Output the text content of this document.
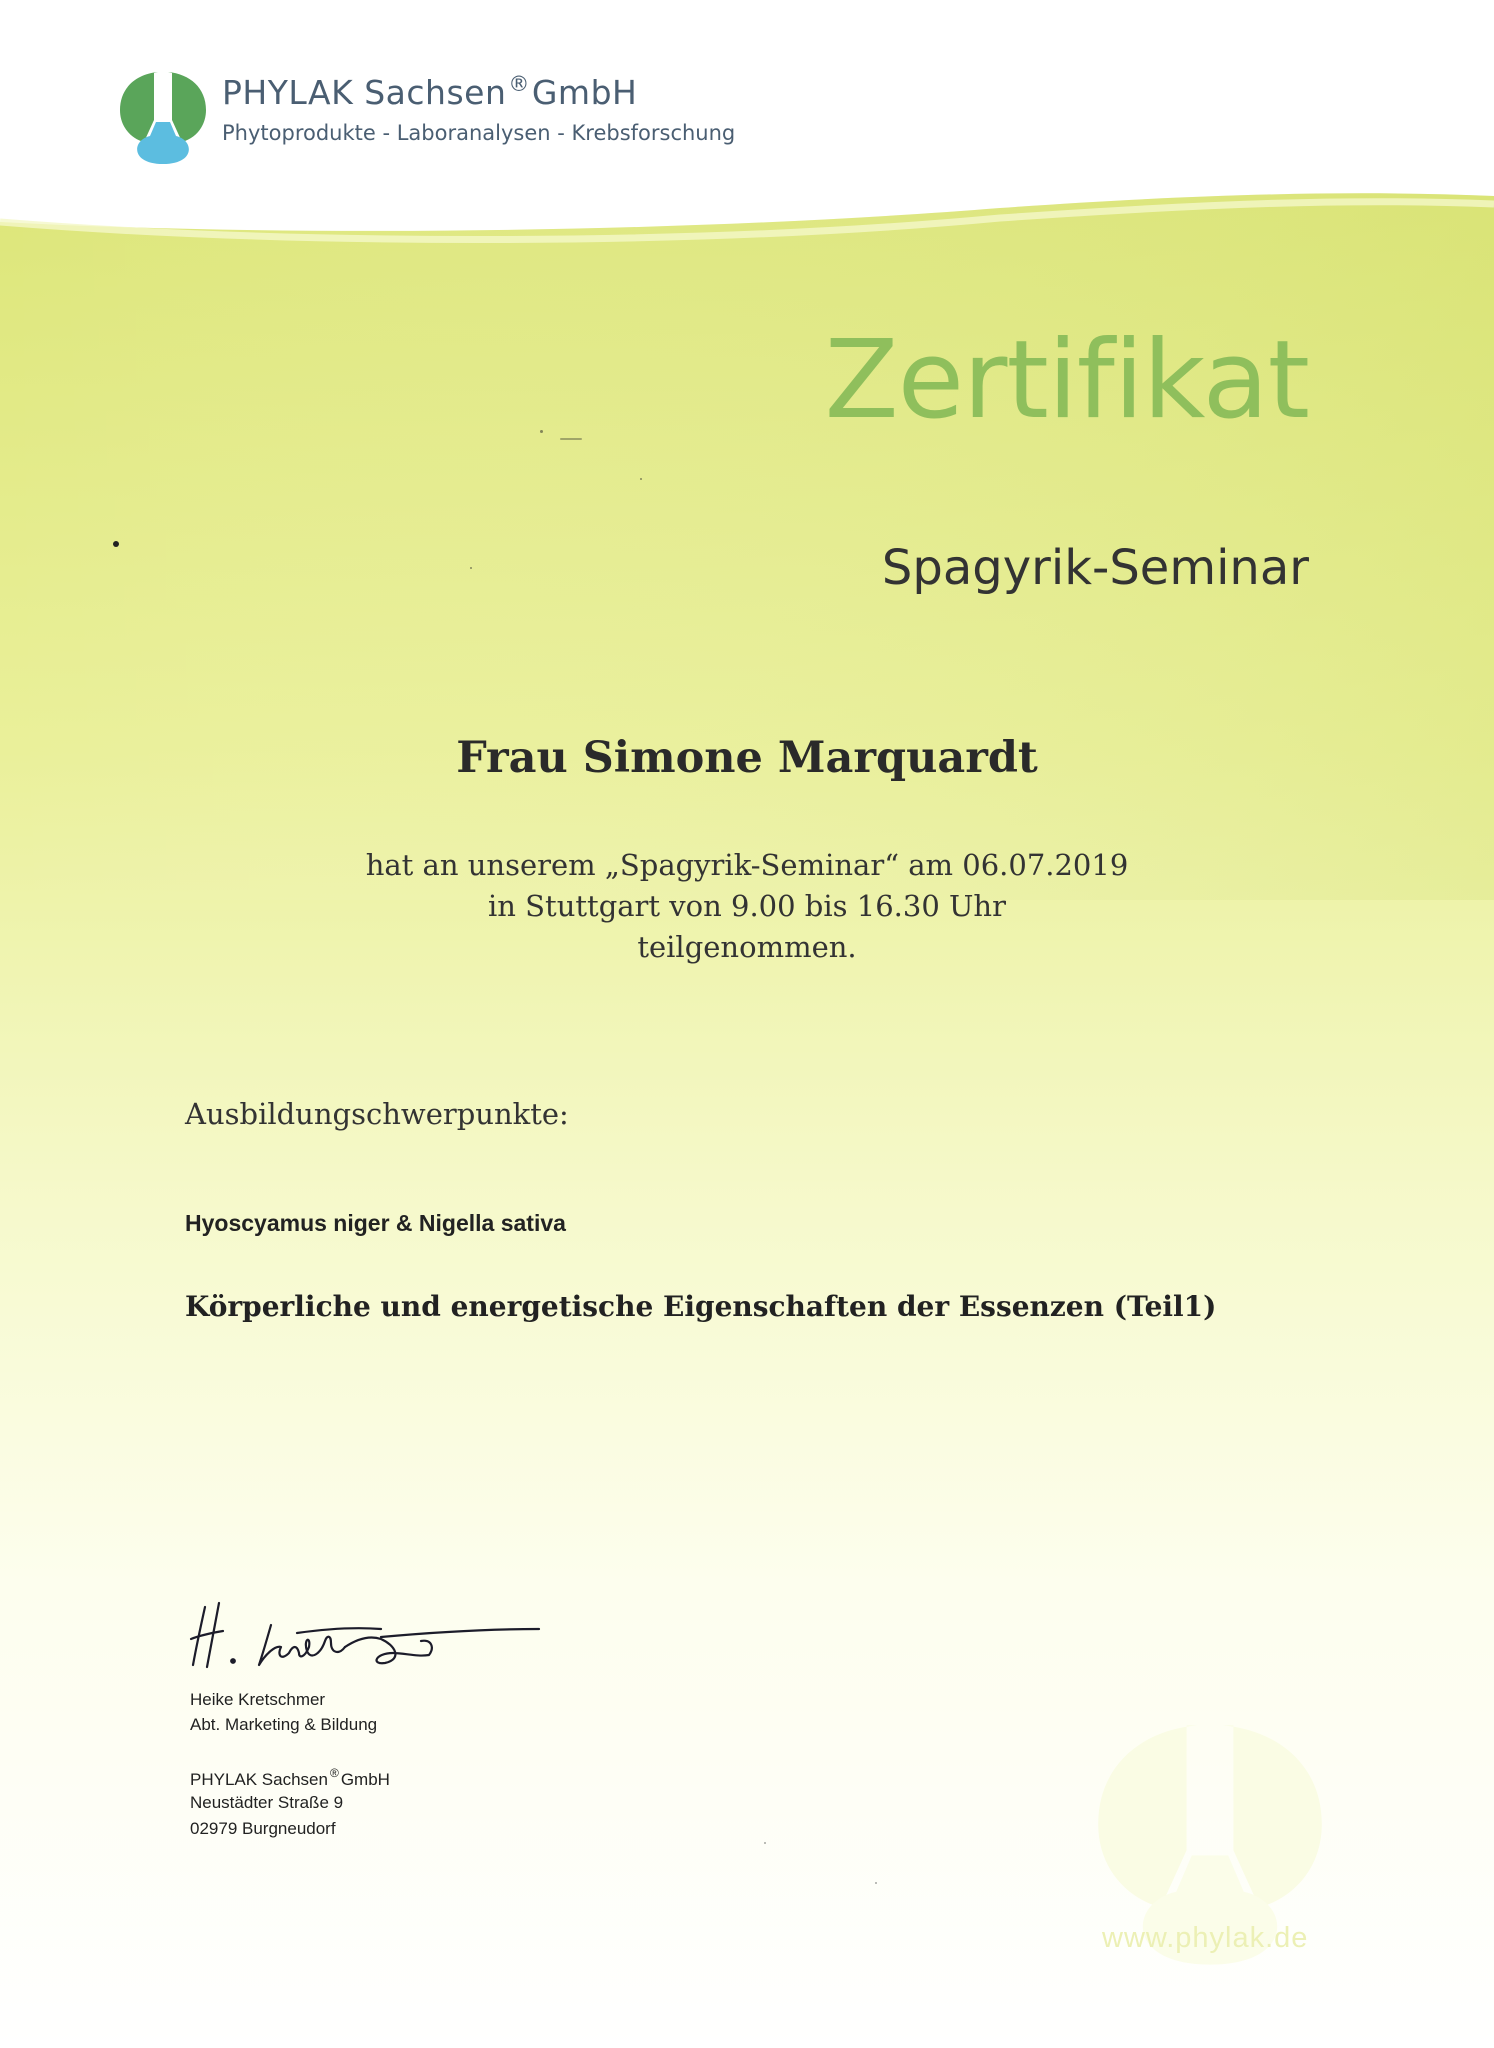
PHYLAK Sachsen®GmbH
Phytoprodukte - Laboranalysen - Krebsforschung
Zertifikat
Spagyrik-Seminar
Frau Simone Marquardt
hat an unserem „Spagyrik-Seminar“ am 06.07.2019
in Stuttgart von 9.00 bis 16.30 Uhr
teilgenommen.
Ausbildungschwerpunkte:
Hyoscyamus niger & Nigella sativa
Körperliche und energetische Eigenschaften der Essenzen (Teil1)
Heike Kretschmer
Abt. Marketing & Bildung
PHYLAK Sachsen ® GmbH
Neustädter Straße 9
02979 Burgneudorf
www.phylak.de
